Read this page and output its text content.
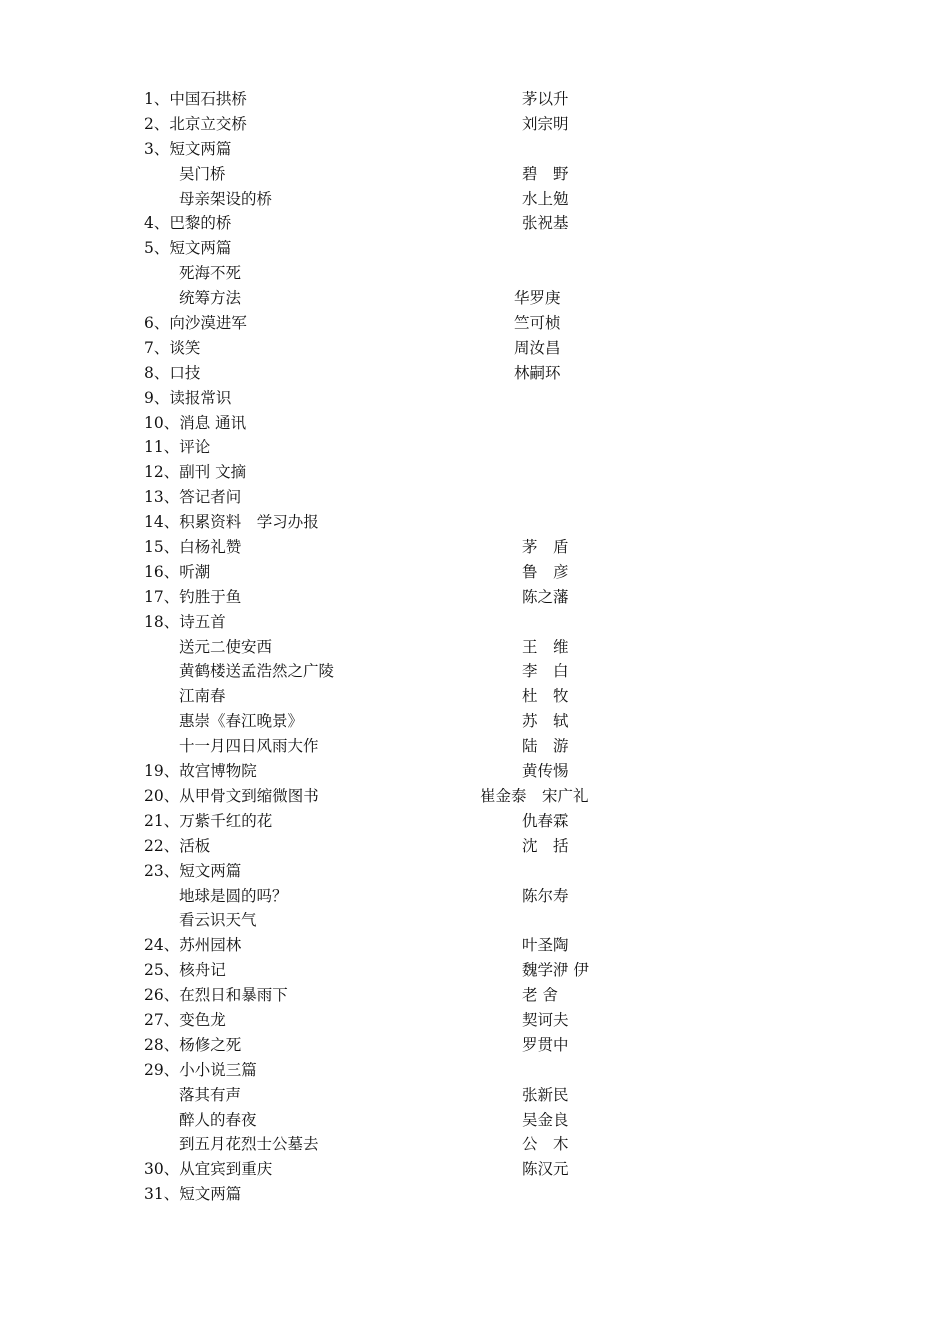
1、中国石拱桥	茅以升
2、北京立交桥	刘宗明
3、短文两篇
吴门桥	碧　野
母亲架设的桥	水上勉
4、巴黎的桥	张祝基
5、短文两篇
死海不死
统筹方法	华罗庚
6、向沙漠进军	竺可桢
7、谈笑	周汝昌
8、口技	林嗣环
9、读报常识
10、消息 通讯
11、评论
12、副刊 文摘
13、答记者问
14、积累资料　学习办报
15、白杨礼赞	茅　盾
16、听潮	鲁　彦
17、钓胜于鱼	陈之藩
18、诗五首
送元二使安西	王　维
黄鹤楼送孟浩然之广陵	李　白
江南春	杜　牧
惠崇《春江晚景》	苏　轼
十一月四日风雨大作	陆　游
19、故宫博物院	黄传惕
20、从甲骨文到缩微图书	崔金泰　宋广礼
21、万紫千红的花	仇春霖
22、活板	沈　括
23、短文两篇
地球是圆的吗？	陈尔寿
看云识天气
24、苏州园林	叶圣陶
25、核舟记	魏学洢 伊
26、在烈日和暴雨下	老 舍
27、变色龙	契诃夫
28、杨修之死	罗贯中
29、小小说三篇
落其有声	张新民
醉人的春夜	吴金良
到五月花烈士公墓去	公　木
30、从宜宾到重庆	陈汉元
31、短文两篇
